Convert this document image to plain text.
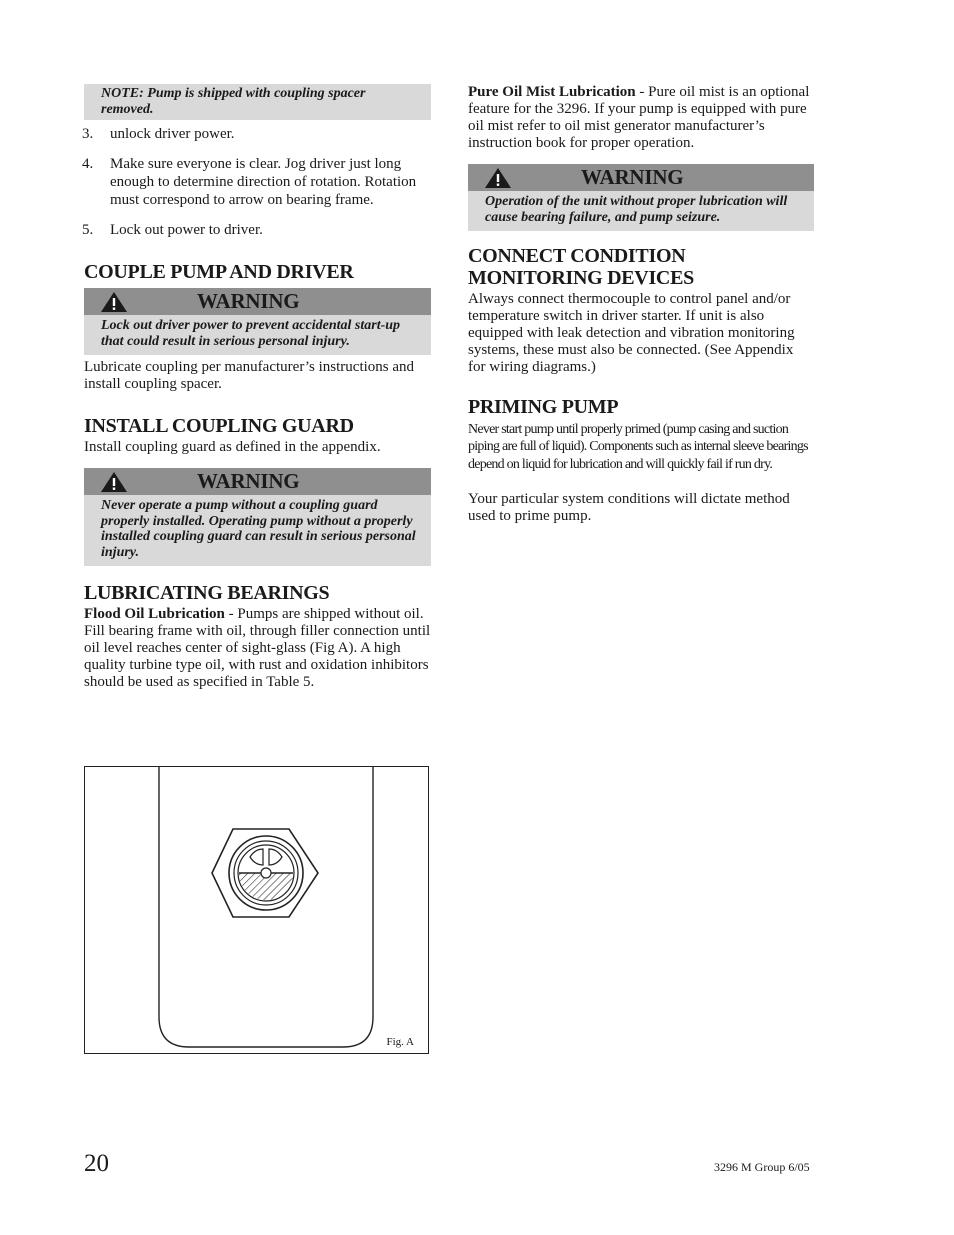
NOTE: Pump is shipped with coupling spacer removed.
3.	unlock driver power.
4.	Make sure everyone is clear. Jog driver just long enough to determine direction of rotation. Rotation must correspond to arrow on bearing frame.
5.	Lock out power to driver.
COUPLE PUMP AND DRIVER
WARNING
Lock out driver power to prevent accidental start-up that could result in serious personal injury.
Lubricate coupling per manufacturer’s instructions and install coupling spacer.
INSTALL COUPLING GUARD
Install coupling guard as defined in the appendix.
WARNING
Never operate a pump without a coupling guard properly installed. Operating pump without a properly installed coupling guard can result in serious personal injury.
LUBRICATING BEARINGS
Flood Oil Lubrication - Pumps are shipped without oil. Fill bearing frame with oil, through filler connection until oil level reaches center of sight-glass (Fig A). A high quality turbine type oil, with rust and oxidation inhibitors should be used as specified in Table 5.
Fig. A
Pure Oil Mist Lubrication - Pure oil mist is an optional feature for the 3296. If your pump is equipped with pure oil mist refer to oil mist generator manufacturer’s instruction book for proper operation.
WARNING
Operation of the unit without proper lubrication will cause bearing failure, and pump seizure.
CONNECT CONDITION
MONITORING DEVICES
Always connect thermocouple to control panel and/or temperature switch in driver starter. If unit is also equipped with leak detection and vibration monitoring systems, these must also be connected. (See Appendix for wiring diagrams.)
PRIMING PUMP
Never start pump until properly primed (pump casing and suction piping are full of liquid). Components such as internal sleeve bearings depend on liquid for lubrication and will quickly fail if run dry.
Your particular system conditions will dictate method used to prime pump.
20	3296 M Group 6/05
